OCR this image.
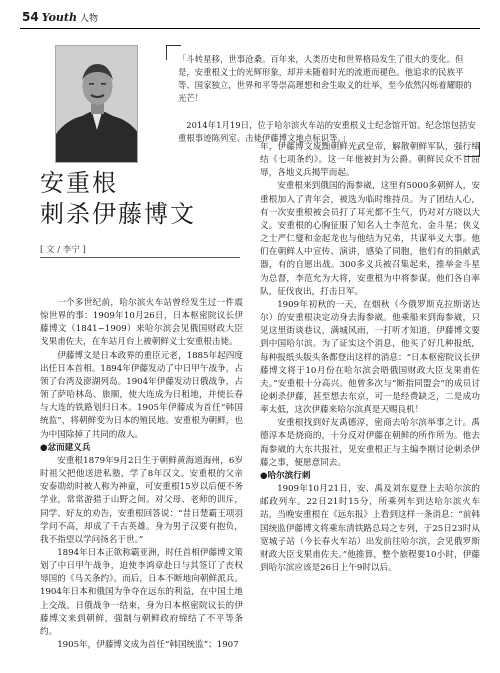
54 Youth 人物

「斗转星移，世事沧桑。百年来，人类历史和世界格局发生了很大的变化。但是，安重根义士的光辉形象，却并未随着时光的流逝而褪色。他追求的民族平等、国家独立，世界和平等崇高理想和舍生取义的壮举，至今依然闪烁着耀眼的光芒！

2014年1月19日，位于哈尔滨火车站的安重根义士纪念馆开馆。纪念馆包括安重根事迹陈列室、击毙伊藤博文地点标识等。」

安重根
刺杀伊藤博文
[ 文 / 李宁 ]

一个多世纪前，哈尔滨火车站曾经发生过一件震惊世界的事：1909年10月26日，日本枢密院议长伊藤博文（1841~1909）来哈尔滨会见俄国财政大臣戈果甫佐夫，在车站月台上被朝鲜义士安重根击毙。

伊藤博文是日本政界的重臣元老，1885年起四度出任日本首相。1894年伊藤发动了中日甲午战争，占领了台湾及澎湖列岛。1904年伊藤发动日俄战争，占领了萨哈林岛、旅顺，使大连成为日租地，并使长春与大连的铁路划归日本。1905年伊藤成为首任“韩国统监”，将朝鲜变为日本的殖民地。安重根为朝鲜，也为中国除掉了共同的敌人。

●忿而建义兵

安重根1879年9月2日生于朝鲜黄海道海州，6岁时祖父把他送进私塾，学了8年汉文。安重根的父亲安泰勋幼时被人称为神童，可安重根15岁以后便不务学业，常常游猎于山野之间。对父母、老师的训斥，同学、好友的劝告，安重根回答说：“昔日楚霸王项羽学问不高，却成了千古英雄。身为男子汉要有抱负，我不指望以学问扬名于世。”

1894年日本正欲称霸亚洲，时任首相伊藤博文策划了中日甲午战争，迫使李鸿章赴日与其签订了丧权辱国的《马关条约》。而后，日本不断地向朝鲜派兵。1904年日本和俄国为争夺在远东的利益，在中国土地上交战。日俄战争一结束，身为日本枢密院议长的伊藤博文来到朝鲜，强制与朝鲜政府缔结了不平等条约。

1905年，伊藤博文成为首任“韩国统监”；1907

年，伊藤博文废黜朝鲜光武皇帝，解散朝鲜军队，强行缔结《七项条约》。这一年他被封为公爵。朝鲜民众不甘屈辱，各地义兵揭竿而起。

安重根来到俄国的海参崴，这里有5000多朝鲜人，安重根加入了青年会，被选为临时维持员。为了团结人心，有一次安重根被会员打了耳光都不生气，仍对对方晓以大义。安重根的心胸征服了知名人士李范允、金斗星；侠义之士严仁燮和金起龙也与他结为兄弟，共谋举义大事。他们在朝鲜人中宣传、演讲，感染了同胞，他们有的捐献武器，有的自愿出战。300多义兵被召集起来，推举金斗星为总督，李范允为大将，安重根为中将参谋。他们各自率队，征伐夜出，打击日军。

1909年初秋的一天，在烟秋（今俄罗斯克拉斯诺达尔）的安重根决定动身去海参崴。他乘船来到海参崴，只见这里街谈巷议，满城风雨，一打听才知道，伊藤博文要到中国哈尔滨。为了证实这个消息，他买了好几种报纸，每种报纸头版头条都登出这样的消息：“日本枢密院议长伊藤博文将于10月份在哈尔滨会晤俄国财政大臣戈果甫佐夫。”安重根十分高兴。他曾多次与“断指同盟会”的成员讨论刺杀伊藤，甚至想去东京，可一是经费缺乏，二是成功率太低，这次伊藤来哈尔滨真是天赐良机！

安重根找到好友禹德淳，密商去哈尔滨举事之计。禹德淳本是烧商的，十分反对伊藤在朝鲜的所作所为。他去海参崴的大东共报社，见安重根正与主编李刚讨论刺杀伊藤之事，便愿意同去。

●哈尔滨行刺

1909年10月21日，安、禹及刘东夏登上去哈尔滨的邮政列车。22日21时15分，所乘列车到达哈尔滨火车站，当晚安重根在《远东报》上看到这样一条消息：“前韩国统监伊藤博文将乘东清铁路总局之专列，于25日23时从宽城子站（今长春火车站）出发前往哈尔滨，会见俄罗斯财政大臣戈果甫佐夫。”他推算，整个旅程要10小时，伊藤到哈尔滨应该是26日上午9时以后。
